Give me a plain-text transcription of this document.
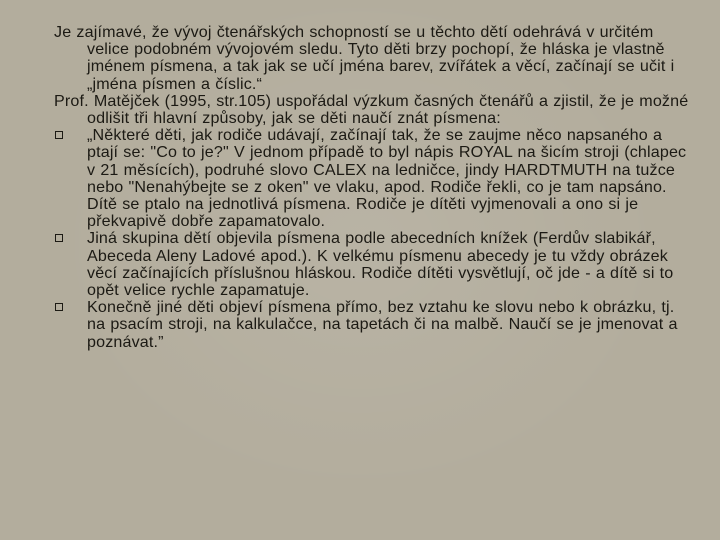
Je zajímavé, že vývoj čtenářských schopností se u těchto dětí odehrává v určitém velice podobném vývojovém sledu. Tyto děti brzy pochopí, že hláska je vlastně jménem písmena, a tak jak se učí jména barev, zvířátek a věcí, začínají se učit i „jména písmen a číslic.“

Prof. Matějček (1995, str.105) uspořádal výzkum časných čtenářů a zjistil, že je možné odlišit tři hlavní způsoby, jak se děti naučí znát písmena:

„Některé děti, jak rodiče udávají, začínají tak, že se zaujme něco napsaného a ptají se: "Co to je?" V jednom případě to byl nápis ROYAL na šicím stroji (chlapec v 21 měsících), podruhé slovo CALEX na ledničce, jindy HARDTMUTH na tužce nebo "Nenahýbejte se z oken" ve vlaku, apod. Rodiče řekli, co je tam napsáno. Dítě se ptalo na jednotlivá písmena. Rodiče je dítěti vyjmenovali a ono si je překvapivě dobře zapamatovalo.
Jiná skupina dětí objevila písmena podle abecedních knížek (Ferdův slabikář, Abeceda Aleny Ladové apod.). K velkému písmenu abecedy je tu vždy obrázek věcí začínajících příslušnou hláskou. Rodiče dítěti vysvětlují, oč jde - a dítě si to opět velice rychle zapamatuje.
Konečně jiné děti objeví písmena přímo, bez vztahu ke slovu nebo k obrázku, tj. na psacím stroji, na kalkulačce, na tapetách či na malbě. Naučí se je jmenovat a poznávat.”
